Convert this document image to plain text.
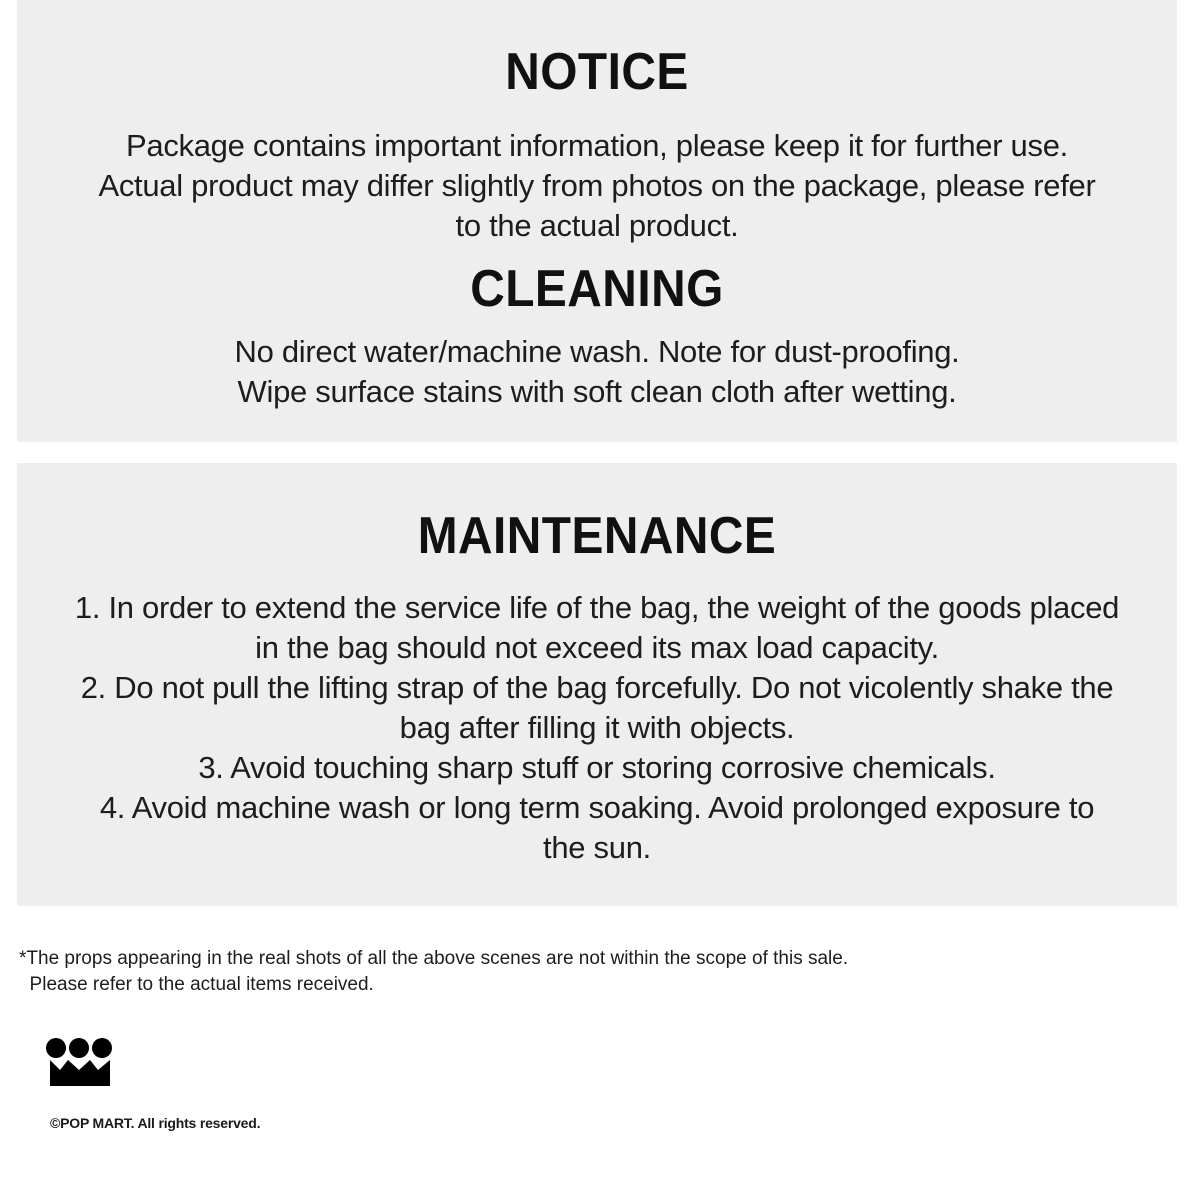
NOTICE

Package contains important information, please keep it for further use.
Actual product may differ slightly from photos on the package, please refer
to the actual product.

CLEANING

No direct water/machine wash. Note for dust-proofing.
Wipe surface stains with soft clean cloth after wetting.

MAINTENANCE

1. In order to extend the service life of the bag, the weight of the goods placed
in the bag should not exceed its max load capacity.
2. Do not pull the lifting strap of the bag forcefully. Do not vicolently shake the
bag after filling it with objects.
3. Avoid touching sharp stuff or storing corrosive chemicals.
4. Avoid machine wash or long term soaking. Avoid prolonged exposure to
the sun.

*The props appearing in the real shots of all the above scenes are not within the scope of this sale.
Please refer to the actual items received.

©POP MART. All rights reserved.
